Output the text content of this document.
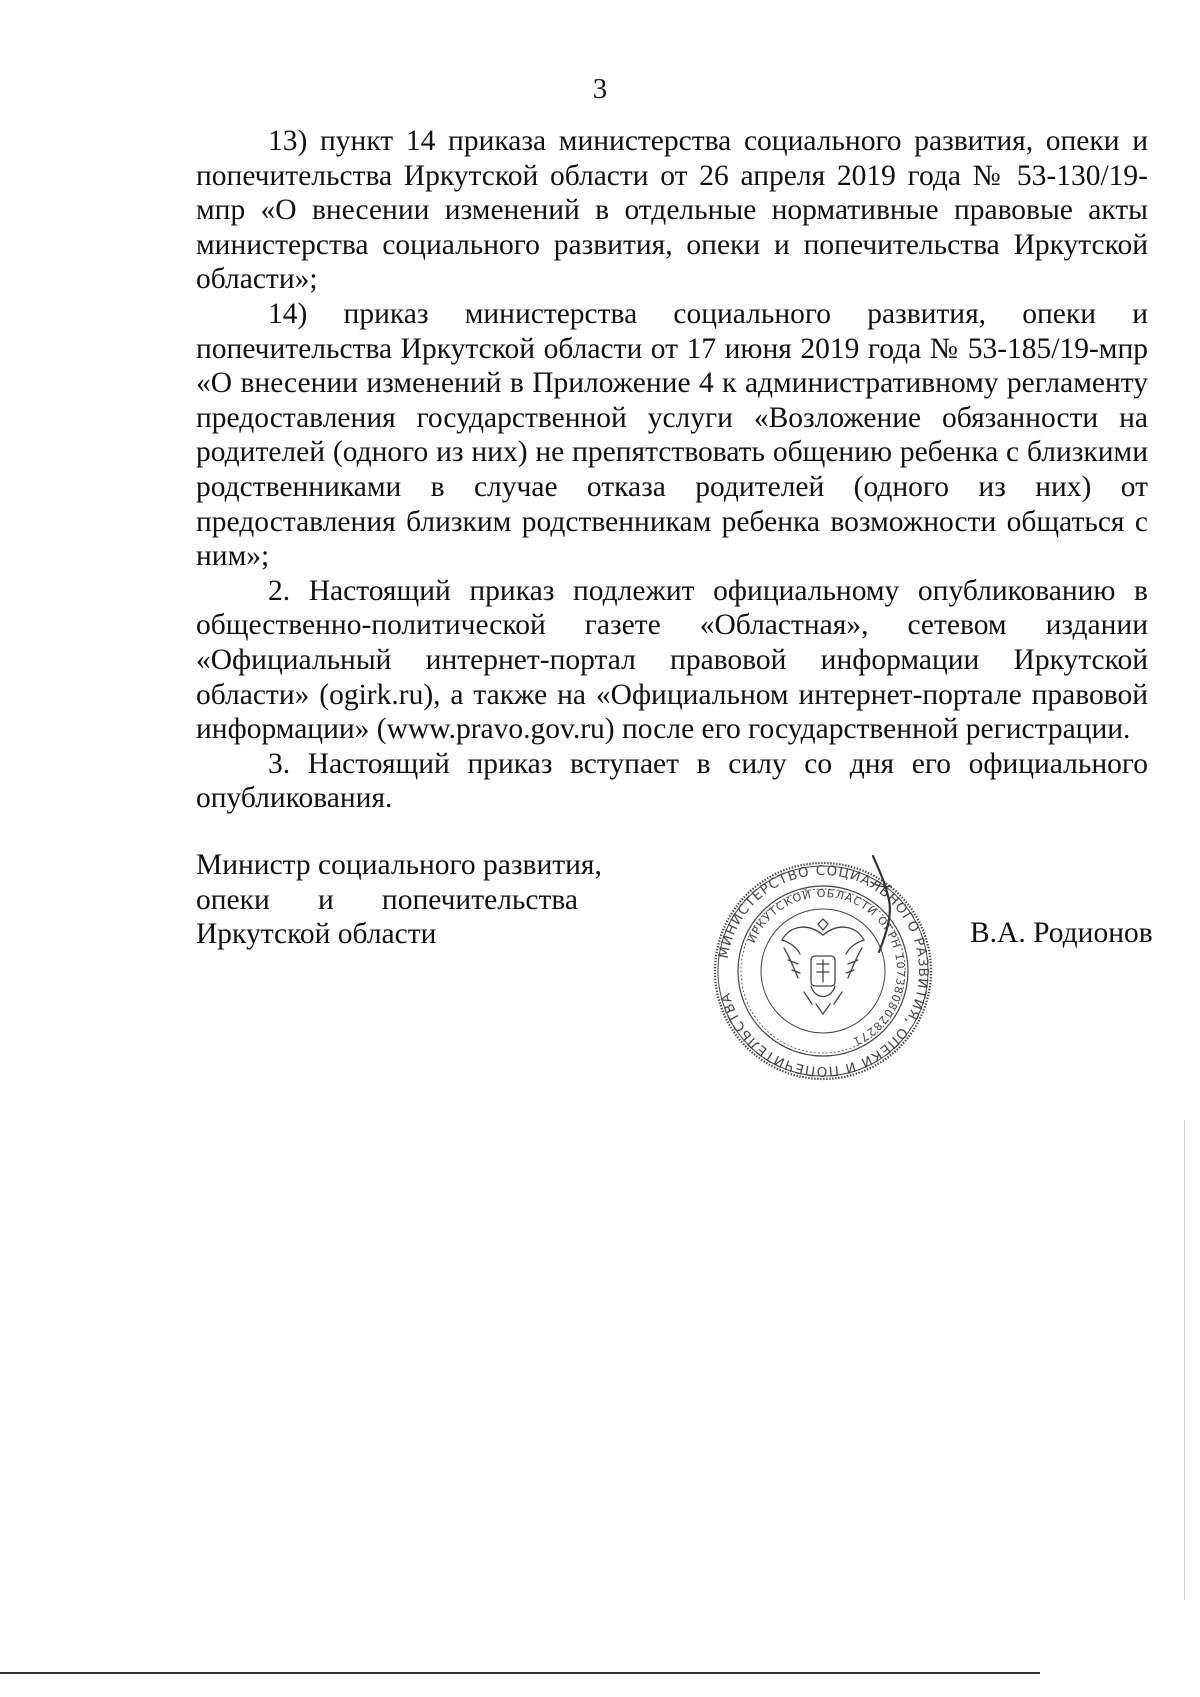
3

13) пункт 14 приказа министерства социального развития, опеки и попечительства Иркутской области от 26 апреля 2019 года № 53-130/19-мпр «О внесении изменений в отдельные нормативные правовые акты министерства социального развития, опеки и попечительства Иркутской области»;

14) приказ министерства социального развития, опеки и попечительства Иркутской области от 17 июня 2019 года № 53-185/19-мпр «О внесении изменений в Приложение 4 к административному регламенту предоставления государственной услуги «Возложение обязанности на родителей (одного из них) не препятствовать общению ребенка с близкими родственниками в случае отказа родителей (одного из них) от предоставления близким родственникам ребенка возможности общаться с ним»;

2. Настоящий приказ подлежит официальному опубликованию в общественно-политической газете «Областная», сетевом издании «Официальный интернет-портал правовой информации Иркутской области» (ogirk.ru), а также на «Официальном интернет-портале правовой информации» (www.pravo.gov.ru) после его государственной регистрации.

3. Настоящий приказ вступает в силу со дня его официального опубликования.

Министр социального развития,
опеки и попечительства
Иркутской области
МИНИСТЕРСТВО СОЦИАЛЬНОГО РАЗВИТИЯ, ОПЕКИ И ПОПЕЧИТЕЛЬСТВА
ИРКУТСКОЙ ОБЛАСТИ ОГРН 1073808028271
В.А. Родионов
